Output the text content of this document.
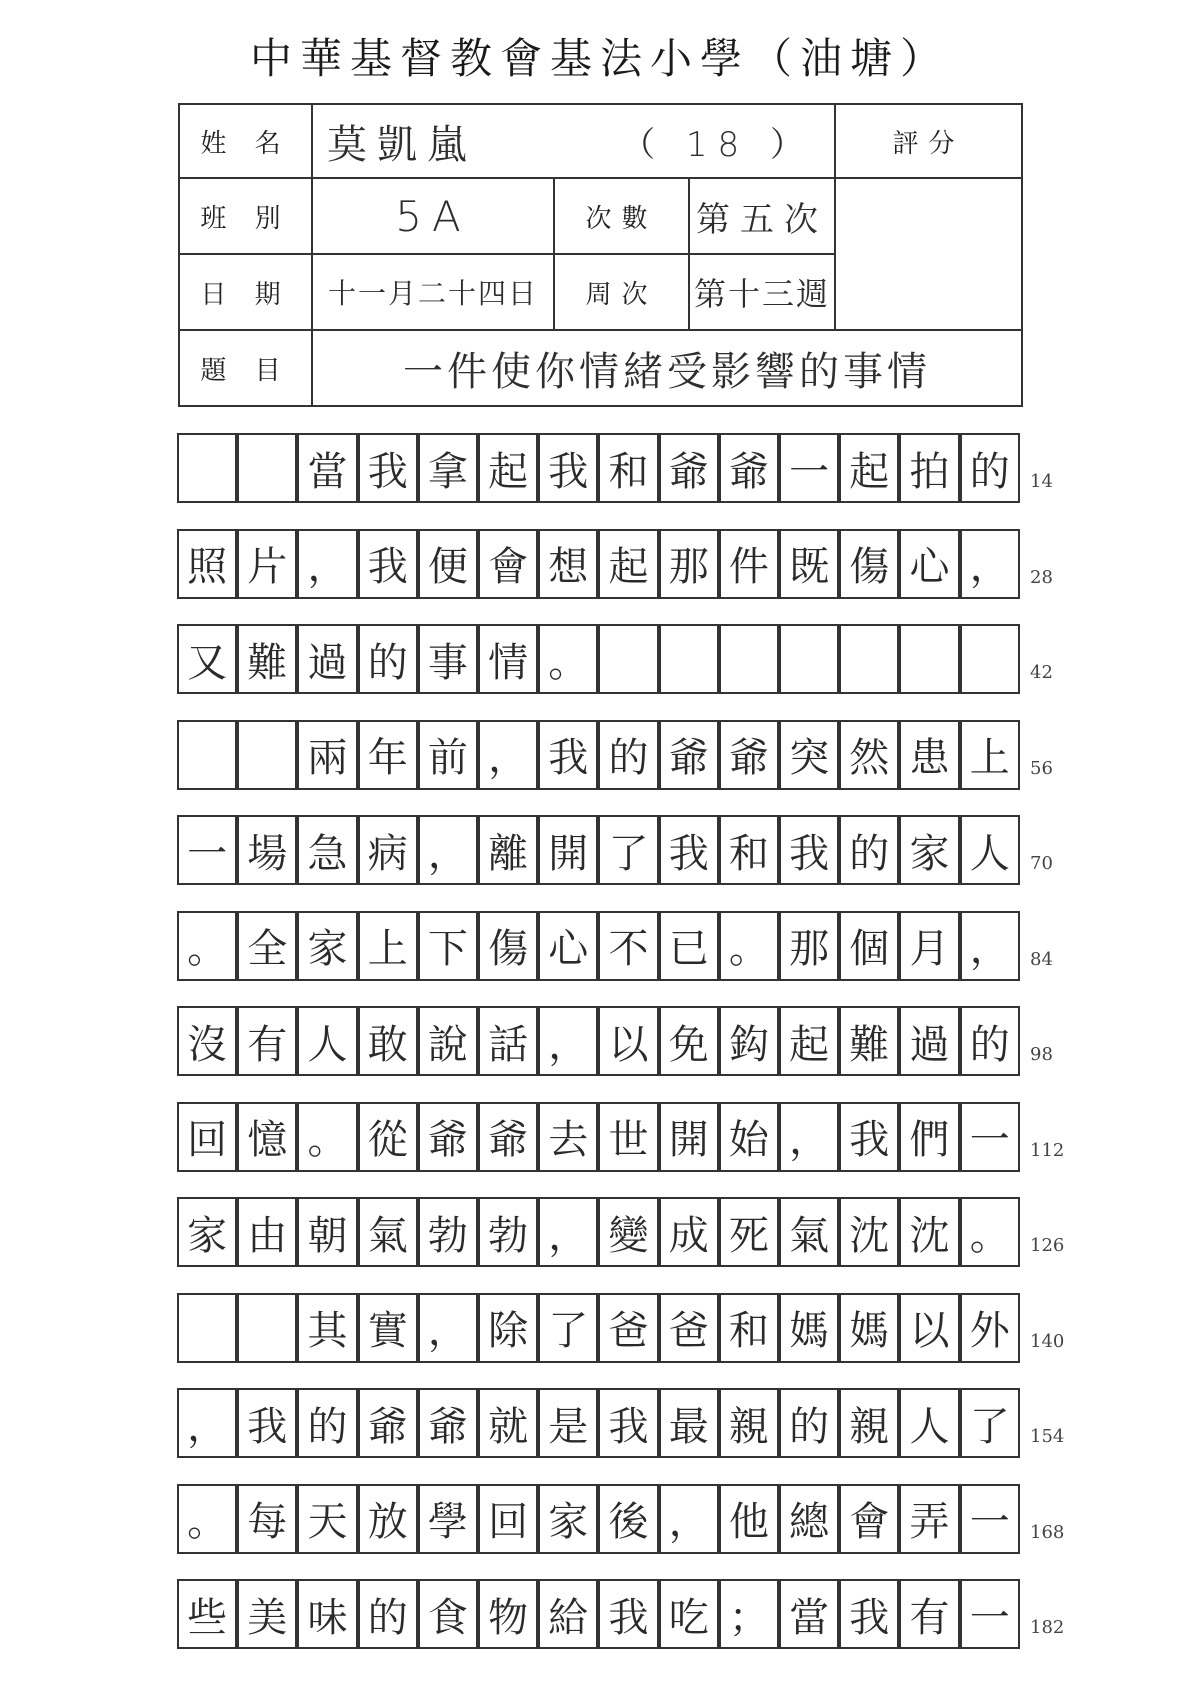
中華基督教會基法小學（油塘）
姓 名 莫凱嵐	（ 18 ）	評分
班 別	5A	次數	第五次
日 期	十一月二十四日	周次	第十三週
題 目	一件使你情緒受影響的事情
當 我 拿 起 我 和 爺 爺 一 起 拍 的	14
照 片 ， 我 便 會 想 起 那 件 既 傷 心 ，	28
又 難 過 的 事 情 。	42
兩 年 前 ， 我 的 爺 爺 突 然 患 上	56
一 場 急 病 ， 離 開 了 我 和 我 的 家 人	70
。 全 家 上 下 傷 心 不 已 。 那 個 月 ，	84
沒 有 人 敢 說 話 ， 以 免 鈎 起 難 過 的	98
回 憶 。 從 爺 爺 去 世 開 始 ， 我 們 一	112
家 由 朝 氣 勃 勃 ， 變 成 死 氣 沈 沈 。	126
其 實 ， 除 了 爸 爸 和 媽 媽 以 外	140
， 我 的 爺 爺 就 是 我 最 親 的 親 人 了	154
。 每 天 放 學 回 家 後 ， 他 總 會 弄 一	168
些 美 味 的 食 物 給 我 吃 ； 當 我 有 一	182
